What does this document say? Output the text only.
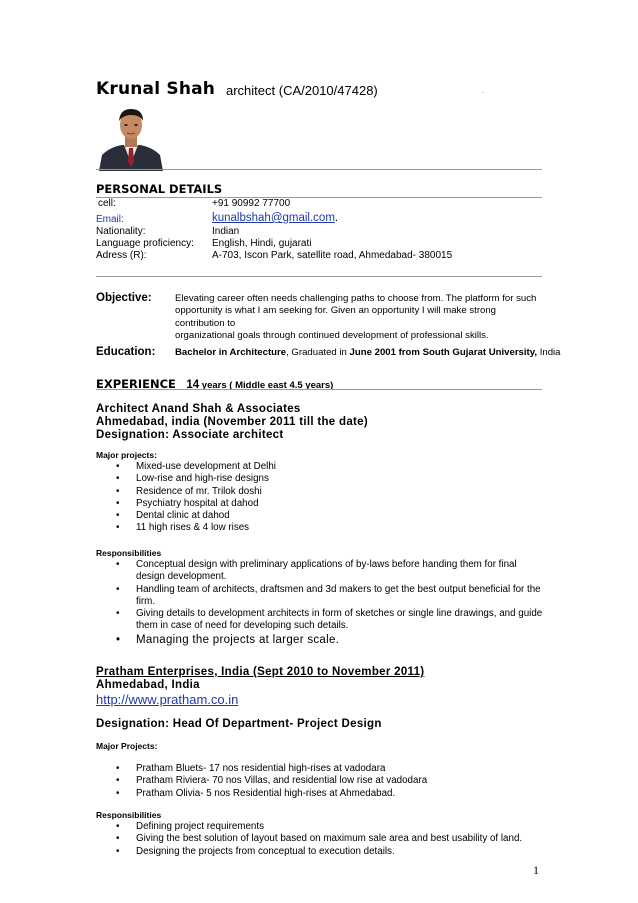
Krunal Shah architect (CA/2010/47428)	.
PERSONAL DETAILS
cell:	+91 90992 77700
Email:	kunalbshah@gmail.com.
Nationality:	Indian
Language proficiency: English, Hindi, gujarati
Adress (R):	A-703, Iscon Park, satellite road, Ahmedabad- 380015
Objective: Elevating career often needs challenging paths to choose from. The platform for such
opportunity is what I am seeking for. Given an opportunity I will make strong contribution to
organizational goals through continued development of professional skills.
Education: Bachelor in Architecture, Graduated in June 2001 from South Gujarat University, India
EXPERIENCE 14 years ( Middle east 4.5 years)
Architect Anand Shah & Associates
Ahmedabad, india (November 2011 till the date)
Designation: Associate architect
Major projects:
• Mixed-use development at Delhi
• Low-rise and high-rise designs
• Residence of mr. Trilok doshi
• Psychiatry hospital at dahod
• Dental clinic at dahod
• 11 high rises & 4 low rises
Responsibilities
• Conceptual design with preliminary applications of by-laws before handing them for final design development.
• Handling team of architects, draftsmen and 3d makers to get the best output beneficial for the firm.
• Giving details to development architects in form of sketches or single line drawings, and guide them in case of need for developing such details.
• Managing the projects at larger scale.
Pratham Enterprises, India (Sept 2010 to November 2011)
Ahmedabad, India
http://www.pratham.co.in
Designation: Head Of Department- Project Design
Major Projects:
• Pratham Bluets- 17 nos residential high-rises at vadodara
• Pratham Riviera- 70 nos Villas, and residential low rise at vadodara
• Pratham Olivia- 5 nos Residential high-rises at Ahmedabad.
Responsibilities
• Defining project requirements
• Giving the best solution of layout based on maximum sale area and best usability of land.
• Designing the projects from conceptual to execution details.
1
